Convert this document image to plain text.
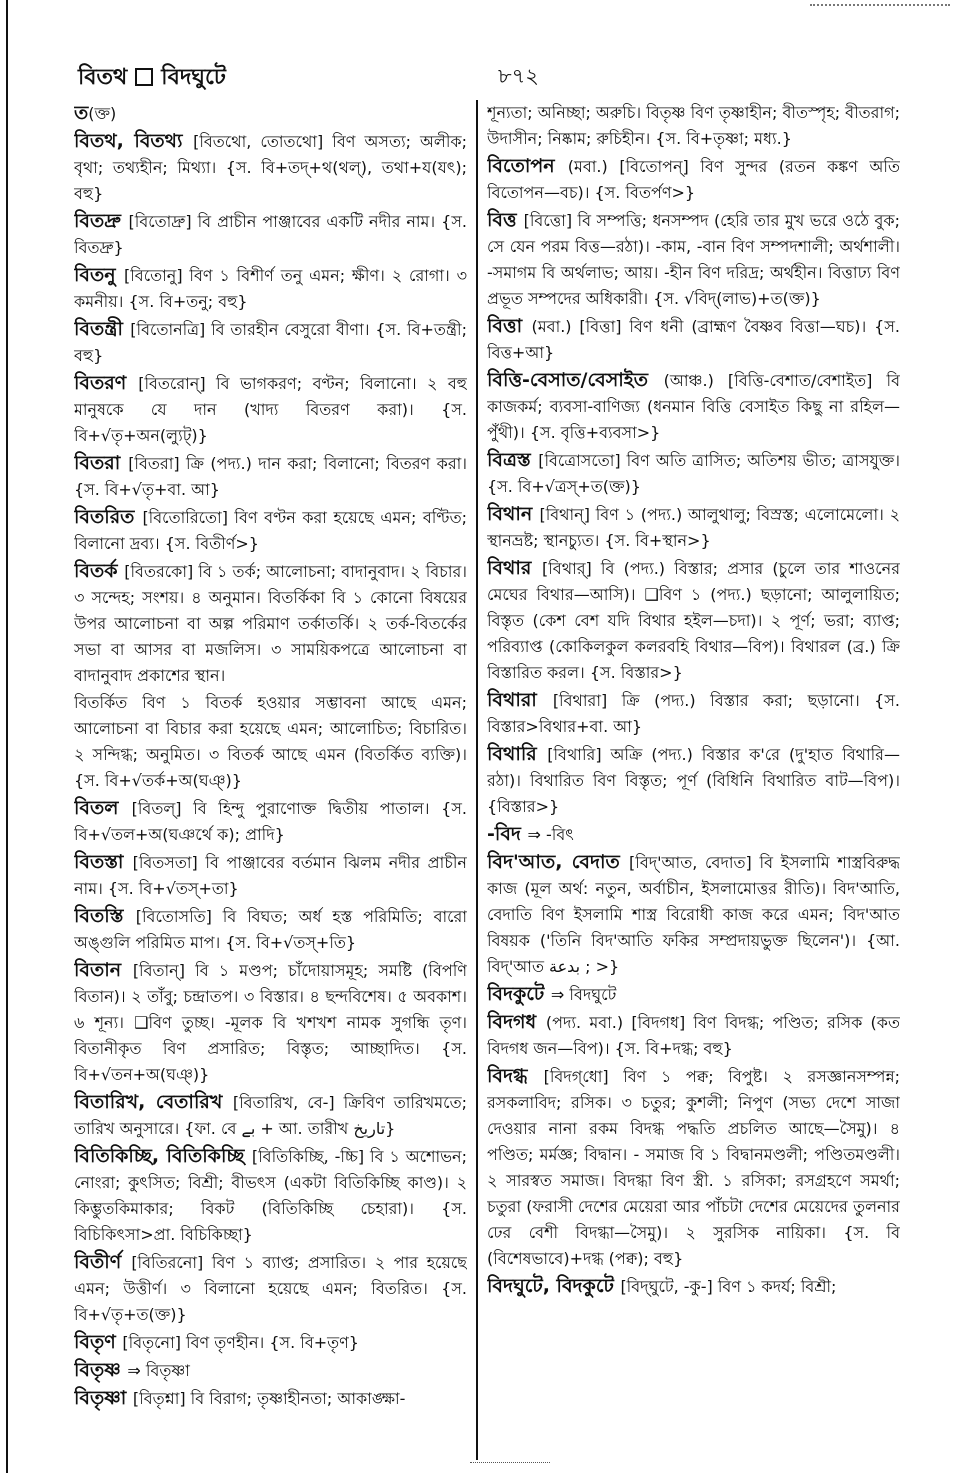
বিতথ বিদঘুটে	৮৭২

ত(ক্ত)

বিতথ, বিতথ্য [বিতথো, তোতথো] বিণ অসত্য; অলীক; বৃথা; তথ্যহীন; মিথ্যা। {স. বি+তদ্+থ(থল্), তথা+য(যৎ); বহু}

বিতদ্রু [বিতোদ্রু] বি প্রাচীন পাঞ্জাবের একটি নদীর নাম। {স. বিতদ্রু}

বিতনু [বিতোনু] বিণ ১ বিশীর্ণ তনু এমন; ক্ষীণ। ২ রোগা। ৩ কমনীয়। {স. বি+তনু; বহু}

বিতন্ত্রী [বিতোনত্রি] বি তারহীন বেসুরো বীণা। {স. বি+তন্ত্রী; বহু}

বিতরণ [বিতরোন্] বি ভাগকরণ; বণ্টন; বিলানো। ২ বহু মানুষকে যে দান (খাদ্য বিতরণ করা)। {স. বি+√তৃ+অন(ল্যুট্)}

বিতরা [বিতরা] ক্রি (পদ্য.) দান করা; বিলানো; বিতরণ করা। {স. বি+√তৃ+বা. আ}

বিতরিত [বিতোরিতো] বিণ বণ্টন করা হয়েছে এমন; বণ্টিত; বিলানো দ্রব্য। {স. বিতীর্ণ>}

বিতর্ক [বিতরকো] বি ১ তর্ক; আলোচনা; বাদানুবাদ। ২ বিচার। ৩ সন্দেহ; সংশয়। ৪ অনুমান। বিতর্কিকা বি ১ কোনো বিষয়ের উপর আলোচনা বা অল্প পরিমাণ তর্কাতর্কি। ২ তর্ক-বিতর্কের সভা বা আসর বা মজলিস। ৩ সাময়িকপত্রে আলোচনা বা বাদানুবাদ প্রকাশের স্থান।

বিতর্কিত বিণ ১ বিতর্ক হওয়ার সম্ভাবনা আছে এমন; আলোচনা বা বিচার করা হয়েছে এমন; আলোচিত; বিচারিত। ২ সন্দিগ্ধ; অনুমিত। ৩ বিতর্ক আছে এমন (বিতর্কিত ব্যক্তি)। {স. বি+√তর্ক+অ(ঘঞ্)}

বিতল [বিতল্] বি হিন্দু পুরাণোক্ত দ্বিতীয় পাতাল। {স. বি+√তল+অ(ঘঞর্থে ক); প্রাদি}

বিতস্তা [বিতসতা] বি পাঞ্জাবের বর্তমান ঝিলম নদীর প্রাচীন নাম। {স. বি+√তস্+তা}

বিতস্তি [বিতোসতি] বি বিঘত; অর্ধ হস্ত পরিমিতি; বারো অঙ্গুলি পরিমিত মাপ। {স. বি+√তস্+তি}

বিতান [বিতান্] বি ১ মণ্ডপ; চাঁদোয়াসমূহ; সমষ্টি (বিপণি বিতান)। ২ তাঁবু; চন্দ্রাতপ। ৩ বিস্তার। ৪ ছন্দবিশেষ। ৫ অবকাশ। ৬ শূন্য। ❑বিণ তুচ্ছ। -মূলক বি খশখশ নামক সুগন্ধি তৃণ। বিতানীকৃত বিণ প্রসারিত; বিস্তৃত; আচ্ছাদিত। {স. বি+√তন+অ(ঘঞ্)}

বিতারিখ, বেতারিখ [বিতারিখ, বে-] ক্রিবিণ তারিখমতে; তারিখ অনুসারে। {ফা. বে بے + আ. তারীখ تاریخ}

বিতিকিচ্ছি, বিতিকিচ্ছি [বিতিকিচ্ছি, -চ্চি] বি ১ অশোভন; নোংরা; কুৎসিত; বিশ্রী; বীভৎস (একটা বিতিকিচ্ছি কাণ্ড)। ২ কিম্ভুতকিমাকার; বিকট (বিতিকিচ্ছি চেহারা)। {স. বিচিকিৎসা>প্রা. বিচিকিচ্ছা}

বিতীর্ণ [বিতিরনো] বিণ ১ ব্যাপ্ত; প্রসারিত। ২ পার হয়েছে এমন; উত্তীর্ণ। ৩ বিলানো হয়েছে এমন; বিতরিত। {স. বি+√তৃ+ত(ক্ত)}

বিতৃণ [বিতৃনো] বিণ তৃণহীন। {স. বি+তৃণ}

বিতৃষ্ণ ⇒ বিতৃষ্ণা

বিতৃষ্ণা [বিতৃশ্না] বি বিরাগ; তৃষ্ণাহীনতা; আকাঙ্ক্ষা-

শূন্যতা; অনিচ্ছা; অরুচি। বিতৃষ্ণ বিণ তৃষ্ণাহীন; বীতস্পৃহ; বীতরাগ; উদাসীন; নিষ্কাম; রুচিহীন। {স. বি+তৃষ্ণা; মধ্য.}

বিতোপন (মবা.) [বিতোপন্] বিণ সুন্দর (রতন কঙ্কণ অতি বিতোপন—বচ)। {স. বিতর্পণ>}

বিত্ত [বিত্তো] বি সম্পত্তি; ধনসম্পদ (হেরি তার মুখ ভরে ওঠে বুক; সে যেন পরম বিত্ত—রঠা)। -কাম, -বান বিণ সম্পদশালী; অর্থশালী। -সমাগম বি অর্থলাভ; আয়। -হীন বিণ দরিদ্র; অর্থহীন। বিত্তাঢ্য বিণ প্রভূত সম্পদের অধিকারী। {স. √বিদ্(লাভ)+ত(ক্ত)}

বিত্তা (মবা.) [বিত্তা] বিণ ধনী (ব্রাহ্মণ বৈষ্ণব বিত্তা—ঘচ)। {স. বিত্ত+আ}

বিত্তি-বেসাত/বেসাইত (আঞ্চ.) [বিত্তি-বেশাত/বেশাইত] বি কাজকর্ম; ব্যবসা-বাণিজ্য (ধনমান বিত্তি বেসাইত কিছু না রহিল—পুঁথী)। {স. বৃত্তি+ব্যবসা>}

বিত্রস্ত [বিত্রোসতো] বিণ অতি ত্রাসিত; অতিশয় ভীত; ত্রাসযুক্ত। {স. বি+√ত্রস্+ত(ক্ত)}

বিথান [বিথান্] বিণ ১ (পদ্য.) আলুথালু; বিস্রস্ত; এলোমেলো। ২ স্থানভ্রষ্ট; স্থানচ্যুত। {স. বি+স্থান>}

বিথার [বিথার্] বি (পদ্য.) বিস্তার; প্রসার (চুলে তার শাওনের মেঘের বিথার—আসি)। ❑বিণ ১ (পদ্য.) ছড়ানো; আলুলায়িত; বিস্তৃত (কেশ বেশ যদি বিথার হইল—চদা)। ২ পূর্ণ; ভরা; ব্যাপ্ত; পরিব্যাপ্ত (কোকিলকুল কলরবহি বিথার—বিপ)। বিথারল (ব্র.) ক্রি বিস্তারিত করল। {স. বিস্তার>}

বিথারা [বিথারা] ক্রি (পদ্য.) বিস্তার করা; ছড়ানো। {স. বিস্তার>বিথার+বা. আ}

বিথারি [বিথারি] অক্রি (পদ্য.) বিস্তার ক'রে (দু'হাত বিথারি—রঠা)। বিথারিত বিণ বিস্তৃত; পূর্ণ (বিধিনি বিথারিত বাট—বিপ)। {বিস্তার>}

-বিদ ⇒ -বিৎ

বিদ'আত, বেদাত [বিদ্'আত, বেদাত] বি ইসলামি শাস্ত্রবিরুদ্ধ কাজ (মূল অর্থ: নতুন, অর্বাচীন, ইসলামোত্তর রীতি)। বিদ'আতি, বেদাতি বিণ ইসলামি শাস্ত্র বিরোধী কাজ করে এমন; বিদ'আত বিষয়ক ('তিনি বিদ'আতি ফকির সম্প্রদায়ভুক্ত ছিলেন')। {আ. বিদ্'আত بدعة ; >}

বিদকুটে ⇒ বিদঘুটে

বিদগধ (পদ্য. মবা.) [বিদগধ] বিণ বিদগ্ধ; পণ্ডিত; রসিক (কত বিদগধ জন—বিপ)। {স. বি+দগ্ধ; বহু}

বিদগ্ধ [বিদগ্‌ধো] বিণ ১ পক্ব; বিপুষ্ট। ২ রসজ্ঞানসম্পন্ন; রসকলাবিদ; রসিক। ৩ চতুর; কুশলী; নিপুণ (সভ্য দেশে সাজা দেওয়ার নানা রকম বিদগ্ধ পদ্ধতি প্রচলিত আছে—সৈমু)। ৪ পণ্ডিত; মর্মজ্ঞ; বিদ্বান। - সমাজ বি ১ বিদ্বানমণ্ডলী; পণ্ডিতমণ্ডলী। ২ সারস্বত সমাজ। বিদগ্ধা বিণ স্ত্রী. ১ রসিকা; রসগ্রহণে সমর্থা; চতুরা (ফরাসী দেশের মেয়েরা আর পাঁচটা দেশের মেয়েদের তুলনার ঢের বেশী বিদগ্ধা—সৈমু)। ২ সুরসিক নায়িকা। {স. বি (বিশেষভাবে)+দগ্ধ (পক্ব); বহু}

বিদঘুটে, বিদকুটে [বিদ্‌ঘুটে, -কু-] বিণ ১ কদর্য; বিশ্রী;
